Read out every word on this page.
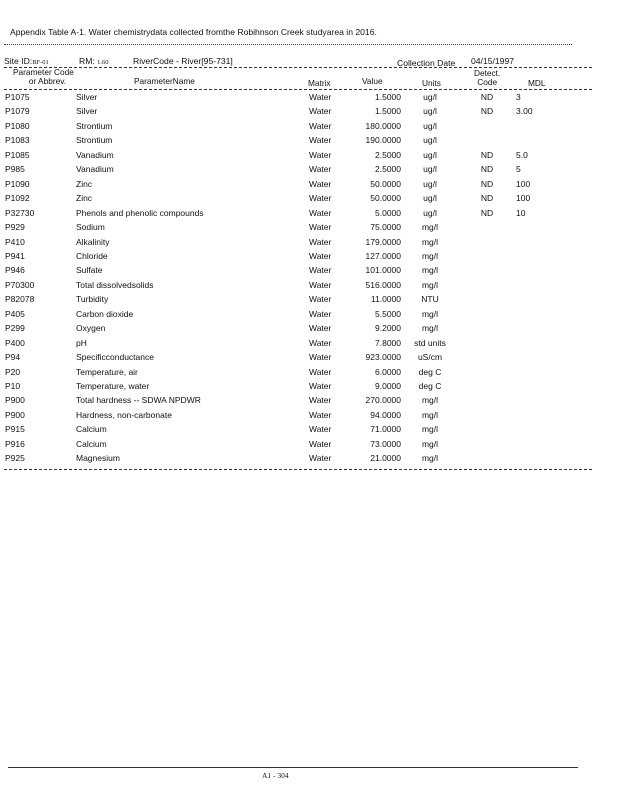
Appendix Table A-1. Water chemistrydata collected fromthe Robihnson Creek studyarea in 2016.
Site ID:BF-01	RM: 1.60	RiverCode - River[95-731]	Collection Date 04/15/1997
Parameter Code
or Abbrev.	ParameterName	Matrix	Value	Units
Detect.
Code	MDL
P1075	Silver	Water	1.5000	ug/l	ND	3
P1079	Silver	Water	1.5000	ug/l	ND	3.00
P1080	Strontium	Water	180.0000	ug/l
P1083	Strontium	Water	190.0000	ug/l
P1085	Vanadium	Water	2.5000	ug/l	ND	5.0
P985	Vanadium	Water	2.5000	ug/l	ND	5
P1090	Zinc	Water	50.0000	ug/l	ND	100
P1092	Zinc	Water	50.0000	ug/l	ND	100
P32730	Phenols and phenolic compounds	Water	5.0000	ug/l	ND	10
P929	Sodium	Water	75.0000	mg/l
P410	Alkalinity	Water	179.0000	mg/l
P941	Chloride	Water	127.0000	mg/l
P946	Sulfate	Water	101.0000	mg/l
P70300	Total dissolvedsolids	Water	516.0000	mg/l
P82078	Turbidity	Water	11.0000	NTU
P405	Carbon dioxide	Water	5.5000	mg/l
P299	Oxygen	Water	9.2000	mg/l
P400	pH	Water	7.8000	std units
P94	Specificconductance	Water	923.0000	uS/cm
P20	Temperature, air	Water	6.0000	deg C
P10	Temperature, water	Water	9.0000	deg C
P900	Total hardness -- SDWA NPDWR	Water	270.0000	mg/l
P900	Hardness, non-carbonate	Water	94.0000	mg/l
P915	Calcium	Water	71.0000	mg/l
P916	Calcium	Water	73.0000	mg/l
P925	Magnesium	Water	21.0000	mg/l
A1 - 304
